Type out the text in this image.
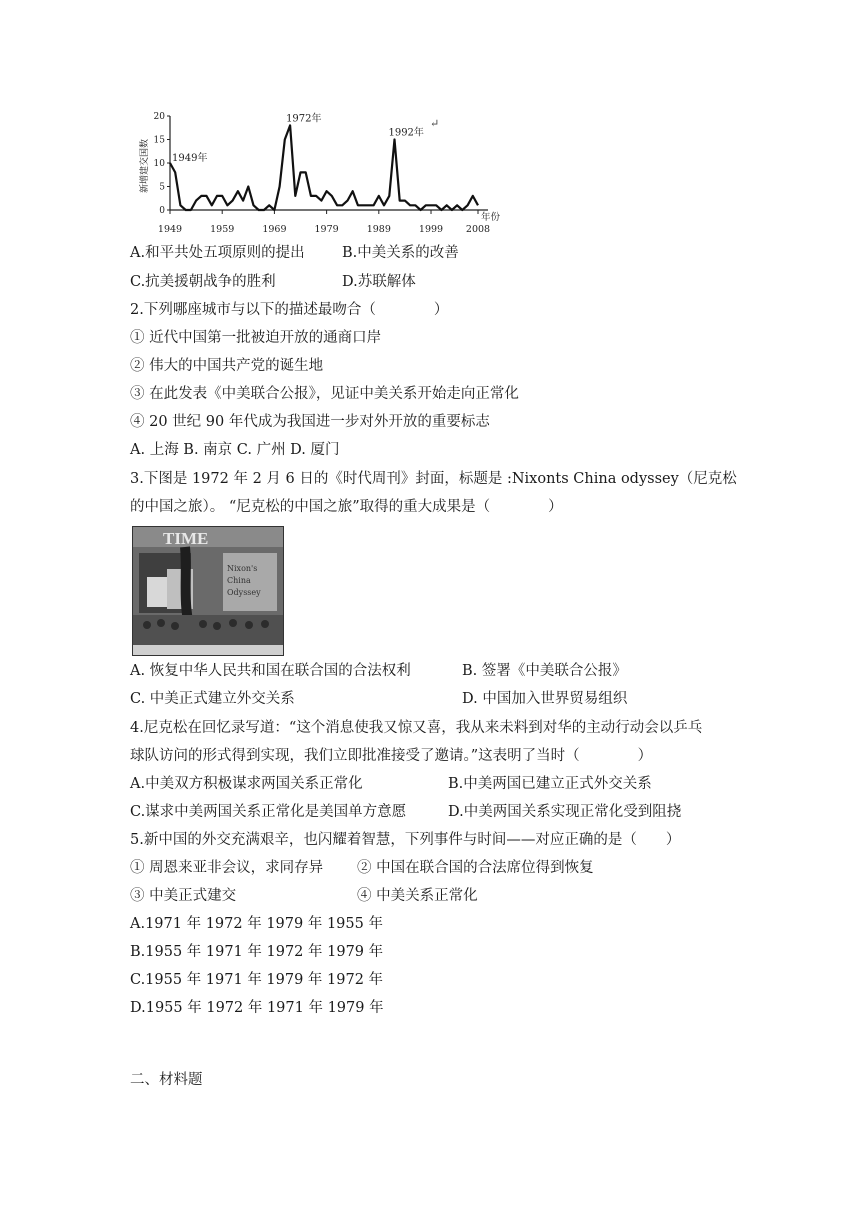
新增建交国数
年份
0
5
10
15
20
1949	1959	1969	1979	1989	1999 2008
1949年
1972年
1992年
↵
A.和平共处五项原则的提出	B.中美关系的改善
C.抗美援朝战争的胜利	D.苏联解体
2.下列哪座城市与以下的描述最吻合（　　　　）
① 近代中国第一批被迫开放的通商口岸
② 伟大的中国共产党的诞生地
③ 在此发表《中美联合公报》，见证中美关系开始走向正常化
④ 20 世纪 90 年代成为我国进一步对外开放的重要标志
A. 上海 B. 南京 C. 广州 D. 厦门
3.下图是 1972 年 2 月 6 日的《时代周刊》封面，标题是 :Nixonts China odyssey（尼克松
的中国之旅）。 “尼克松的中国之旅”取得的重大成果是（　　　　）
TIME
Nixon's
China
Odyssey
A. 恢复中华人民共和国在联合国的合法权利	B. 签署《中美联合公报》
C. 中美正式建立外交关系	D. 中国加入世界贸易组织
4.尼克松在回忆录写道：“这个消息使我又惊又喜，我从来未料到对华的主动行动会以乒乓
球队访问的形式得到实现，我们立即批准接受了邀请。”这表明了当时（　　　　）
A.中美双方积极谋求两国关系正常化	B.中美两国已建立正式外交关系
C.谋求中美两国关系正常化是美国单方意愿	D.中美两国关系实现正常化受到阻挠
5.新中国的外交充满艰辛，也闪耀着智慧，下列事件与时间——对应正确的是（　　）
① 周恩来亚非会议，求同存异 ② 中国在联合国的合法席位得到恢复
③ 中美正式建交	④ 中美关系正常化
A.1971 年 1972 年 1979 年 1955 年
B.1955 年 1971 年 1972 年 1979 年
C.1955 年 1971 年 1979 年 1972 年
D.1955 年 1972 年 1971 年 1979 年
二、材料题
